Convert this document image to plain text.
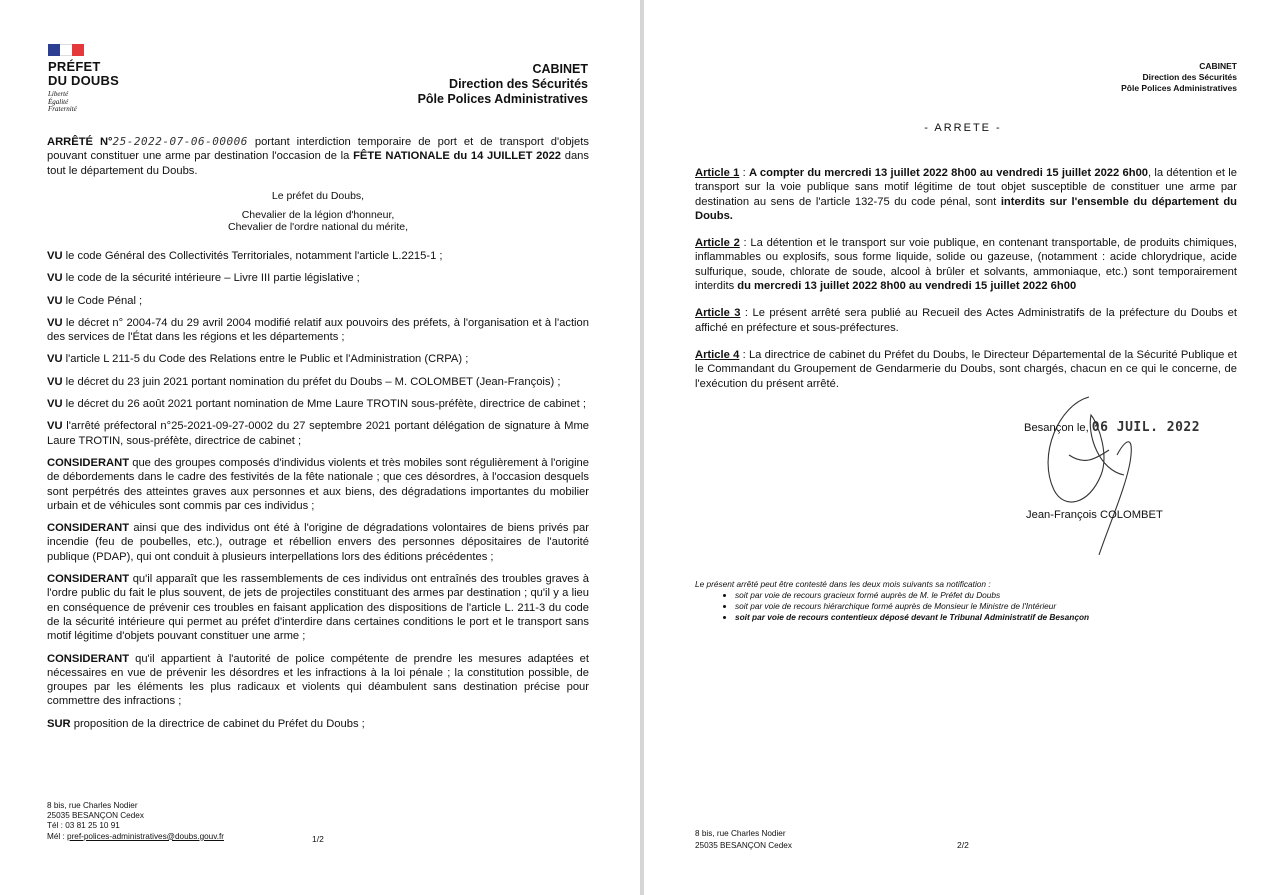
PRÉFET
DU DOUBS
Liberté
Égalité
Fraternité
CABINET
Direction des Sécurités
Pôle Polices Administratives
ARRÊTÉ N°25-2022-07-06-00006 portant interdiction temporaire de port et de transport d'objets pouvant constituer une arme par destination l'occasion de la FÊTE NATIONALE du 14 JUILLET 2022 dans tout le département du Doubs.
Le préfet du Doubs,
Chevalier de la légion d'honneur,
Chevalier de l'ordre national du mérite,
VU le code Général des Collectivités Territoriales, notamment l'article L.2215-1 ;
VU le code de la sécurité intérieure – Livre III partie législative ;
VU le Code Pénal ;
VU le décret n° 2004-74 du 29 avril 2004 modifié relatif aux pouvoirs des préfets, à l'organisation et à l'action des services de l'État dans les régions et les départements ;
VU l'article L 211-5 du Code des Relations entre le Public et l'Administration (CRPA) ;
VU le décret du 23 juin 2021 portant nomination du préfet du Doubs – M. COLOMBET (Jean-François) ;
VU le décret du 26 août 2021 portant nomination de Mme Laure TROTIN sous-préfète, directrice de cabinet ;
VU l'arrêté préfectoral n°25-2021-09-27-0002 du 27 septembre 2021 portant délégation de signature à Mme Laure TROTIN, sous-préfète, directrice de cabinet ;
CONSIDERANT que des groupes composés d'individus violents et très mobiles sont régulièrement à l'origine de débordements dans le cadre des festivités de la fête nationale ; que ces désordres, à l'occasion desquels sont perpétrés des atteintes graves aux personnes et aux biens, des dégradations importantes du mobilier urbain et de véhicules sont commis par ces individus ;
CONSIDERANT ainsi que des individus ont été à l'origine de dégradations volontaires de biens privés par incendie (feu de poubelles, etc.), outrage et rébellion envers des personnes dépositaires de l'autorité publique (PDAP), qui ont conduit à plusieurs interpellations lors des éditions précédentes ;
CONSIDERANT qu'il apparaît que les rassemblements de ces individus ont entraînés des troubles graves à l'ordre public du fait le plus souvent, de jets de projectiles constituant des armes par destination ; qu'il y a lieu en conséquence de prévenir ces troubles en faisant application des dispositions de l'article L. 211-3 du code de la sécurité intérieure qui permet au préfet d'interdire dans certaines conditions le port et le transport sans motif légitime d'objets pouvant constituer une arme ;
CONSIDERANT qu'il appartient à l'autorité de police compétente de prendre les mesures adaptées et nécessaires en vue de prévenir les désordres et les infractions à la loi pénale ; la constitution possible, de groupes par les éléments les plus radicaux et violents qui déambulent sans destination précise pour commettre des infractions ;
SUR proposition de la directrice de cabinet du Préfet du Doubs ;
8 bis, rue Charles Nodier
25035 BESANÇON Cedex
Tél : 03 81 25 10 91
Mél : pref-polices-administratives@doubs.gouv.fr	1/2
CABINET
Direction des Sécurités
Pôle Polices Administratives
- ARRETE -
Article 1 : A compter du mercredi 13 juillet 2022 8h00 au vendredi 15 juillet 2022 6h00, la détention et le transport sur la voie publique sans motif légitime de tout objet susceptible de constituer une arme par destination au sens de l'article 132-75 du code pénal, sont interdits sur l'ensemble du département du Doubs.
Article 2 : La détention et le transport sur voie publique, en contenant transportable, de produits chimiques, inflammables ou explosifs, sous forme liquide, solide ou gazeuse, (notamment : acide chlorydrique, acide sulfurique, soude, chlorate de soude, alcool à brûler et solvants, ammoniaque, etc.) sont temporairement interdits du mercredi 13 juillet 2022 8h00 au vendredi 15 juillet 2022 6h00
Article 3 : Le présent arrêté sera publié au Recueil des Actes Administratifs de la préfecture du Doubs et affiché en préfecture et sous-préfectures.
Article 4 : La directrice de cabinet du Préfet du Doubs, le Directeur Départemental de la Sécurité Publique et le Commandant du Groupement de Gendarmerie du Doubs, sont chargés, chacun en ce qui le concerne, de l'exécution du présent arrêté.
Besançon le, 06 JUIL. 2022
Jean-François COLOMBET
Le présent arrêté peut être contesté dans les deux mois suivants sa notification :
• soit par voie de recours gracieux formé auprès de M. le Préfet du Doubs
• soit par voie de recours hiérarchique formé auprès de Monsieur le Ministre de l'Intérieur
• soit par voie de recours contentieux déposé devant le Tribunal Administratif de Besançon
8 bis, rue Charles Nodier
25035 BESANÇON Cedex	2/2
